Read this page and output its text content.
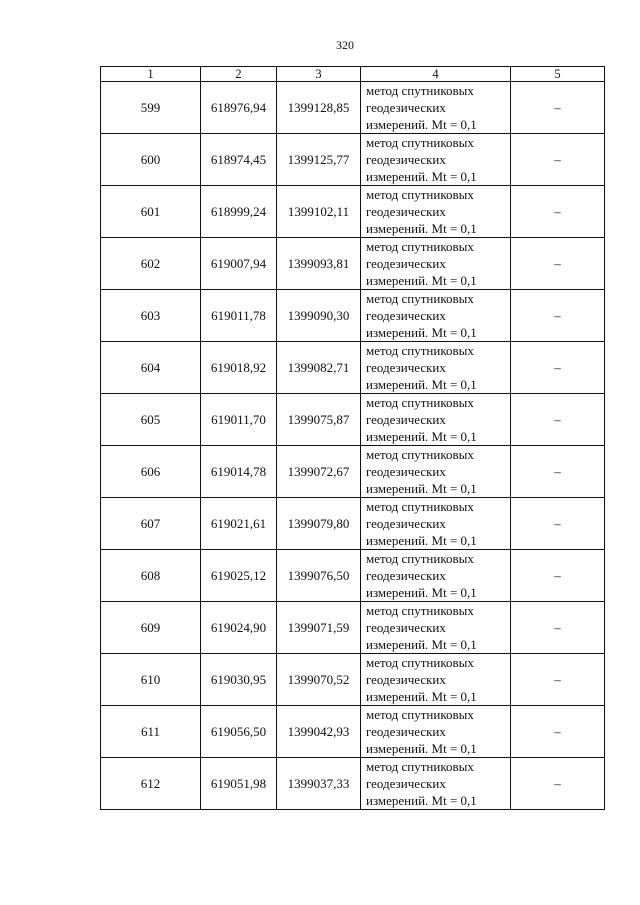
320
1	2	3	4	5
599	618976,94	1399128,85	метод спутниковых
геодезических
измерений. Mt = 0,1	–
600	618974,45	1399125,77	метод спутниковых
геодезических
измерений. Mt = 0,1	–
601	618999,24	1399102,11	метод спутниковых
геодезических
измерений. Mt = 0,1	–
602	619007,94	1399093,81	метод спутниковых
геодезических
измерений. Mt = 0,1	–
603	619011,78	1399090,30	метод спутниковых
геодезических
измерений. Mt = 0,1	–
604	619018,92	1399082,71	метод спутниковых
геодезических
измерений. Mt = 0,1	–
605	619011,70	1399075,87	метод спутниковых
геодезических
измерений. Mt = 0,1	–
606	619014,78	1399072,67	метод спутниковых
геодезических
измерений. Mt = 0,1	–
607	619021,61	1399079,80	метод спутниковых
геодезических
измерений. Mt = 0,1	–
608	619025,12	1399076,50	метод спутниковых
геодезических
измерений. Mt = 0,1	–
609	619024,90	1399071,59	метод спутниковых
геодезических
измерений. Mt = 0,1	–
610	619030,95	1399070,52	метод спутниковых
геодезических
измерений. Mt = 0,1	–
611	619056,50	1399042,93	метод спутниковых
геодезических
измерений. Mt = 0,1	–
612	619051,98	1399037,33	метод спутниковых
геодезических
измерений. Mt = 0,1	–
